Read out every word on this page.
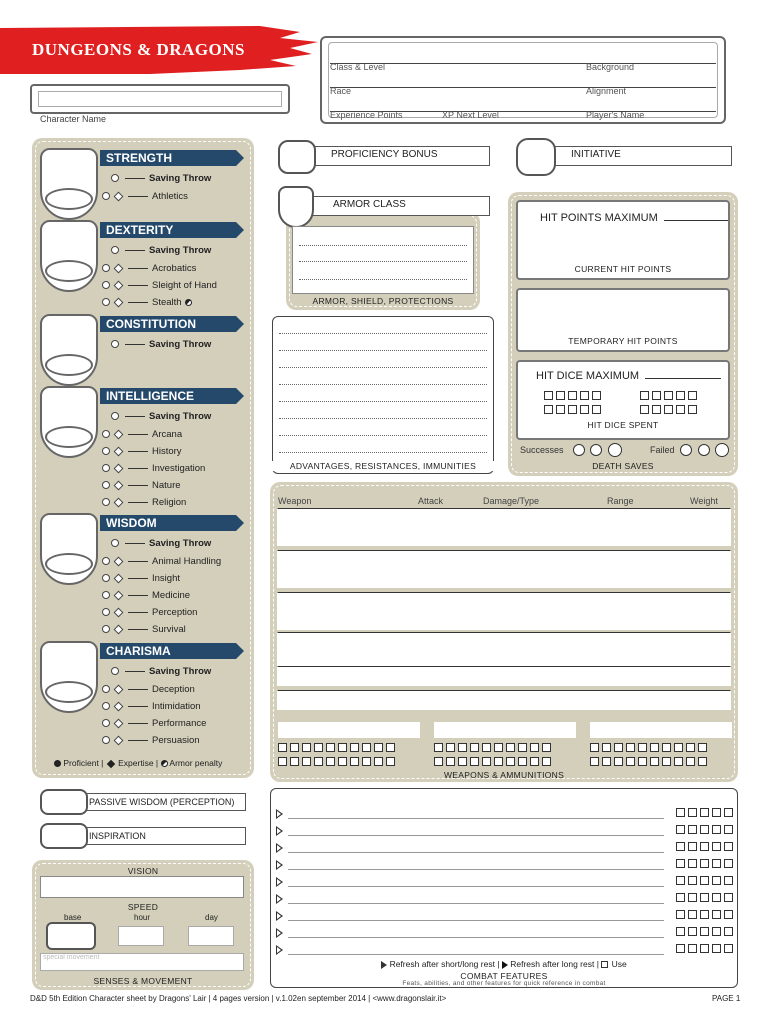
DUNGEONS & DRAGONS
Character Name
Class & Level	Background
Race	Alignment
Experience Points	XP Next Level	Player's Name
STRENGTH
Saving Throw
Athletics
DEXTERITY
Saving Throw
Acrobatics
Sleight of Hand
Stealth
CONSTITUTION
Saving Throw
INTELLIGENCE
Saving Throw
Arcana
History
Investigation
Nature
Religion
WISDOM
Saving Throw
Animal Handling
Insight
Medicine
Perception
Survival
CHARISMA
Saving Throw
Deception
Intimidation
Performance
Persuasion
Proficient |  Expertise |  Armor penalty
PROFICIENCY BONUS	INITIATIVE
ARMOR CLASS
ARMOR, SHIELD, PROTECTIONS
ADVANTAGES, RESISTANCES, IMMUNITIES
HIT POINTS MAXIMUM
CURRENT HIT POINTS
TEMPORARY HIT POINTS
HIT DICE MAXIMUM

HIT DICE SPENT
Successes	Failed
DEATH SAVES
Weapon	Attack	Damage/Type	Range	Weight

WEAPONS & AMMUNITIONS
PASSIVE WISDOM (PERCEPTION)
INSPIRATION
VISION
SPEED
base	hour	day
special movement
SENSES & MOVEMENT
Refresh after short/long rest |  Refresh after long rest |  Use
COMBAT FEATURES
Feats, abilities, and other features for quick reference in combat
D&D 5th Edition Character sheet by Dragons' Lair | 4 pages version | v.1.02en september 2014 | <www.dragonslair.it>	PAGE 1
